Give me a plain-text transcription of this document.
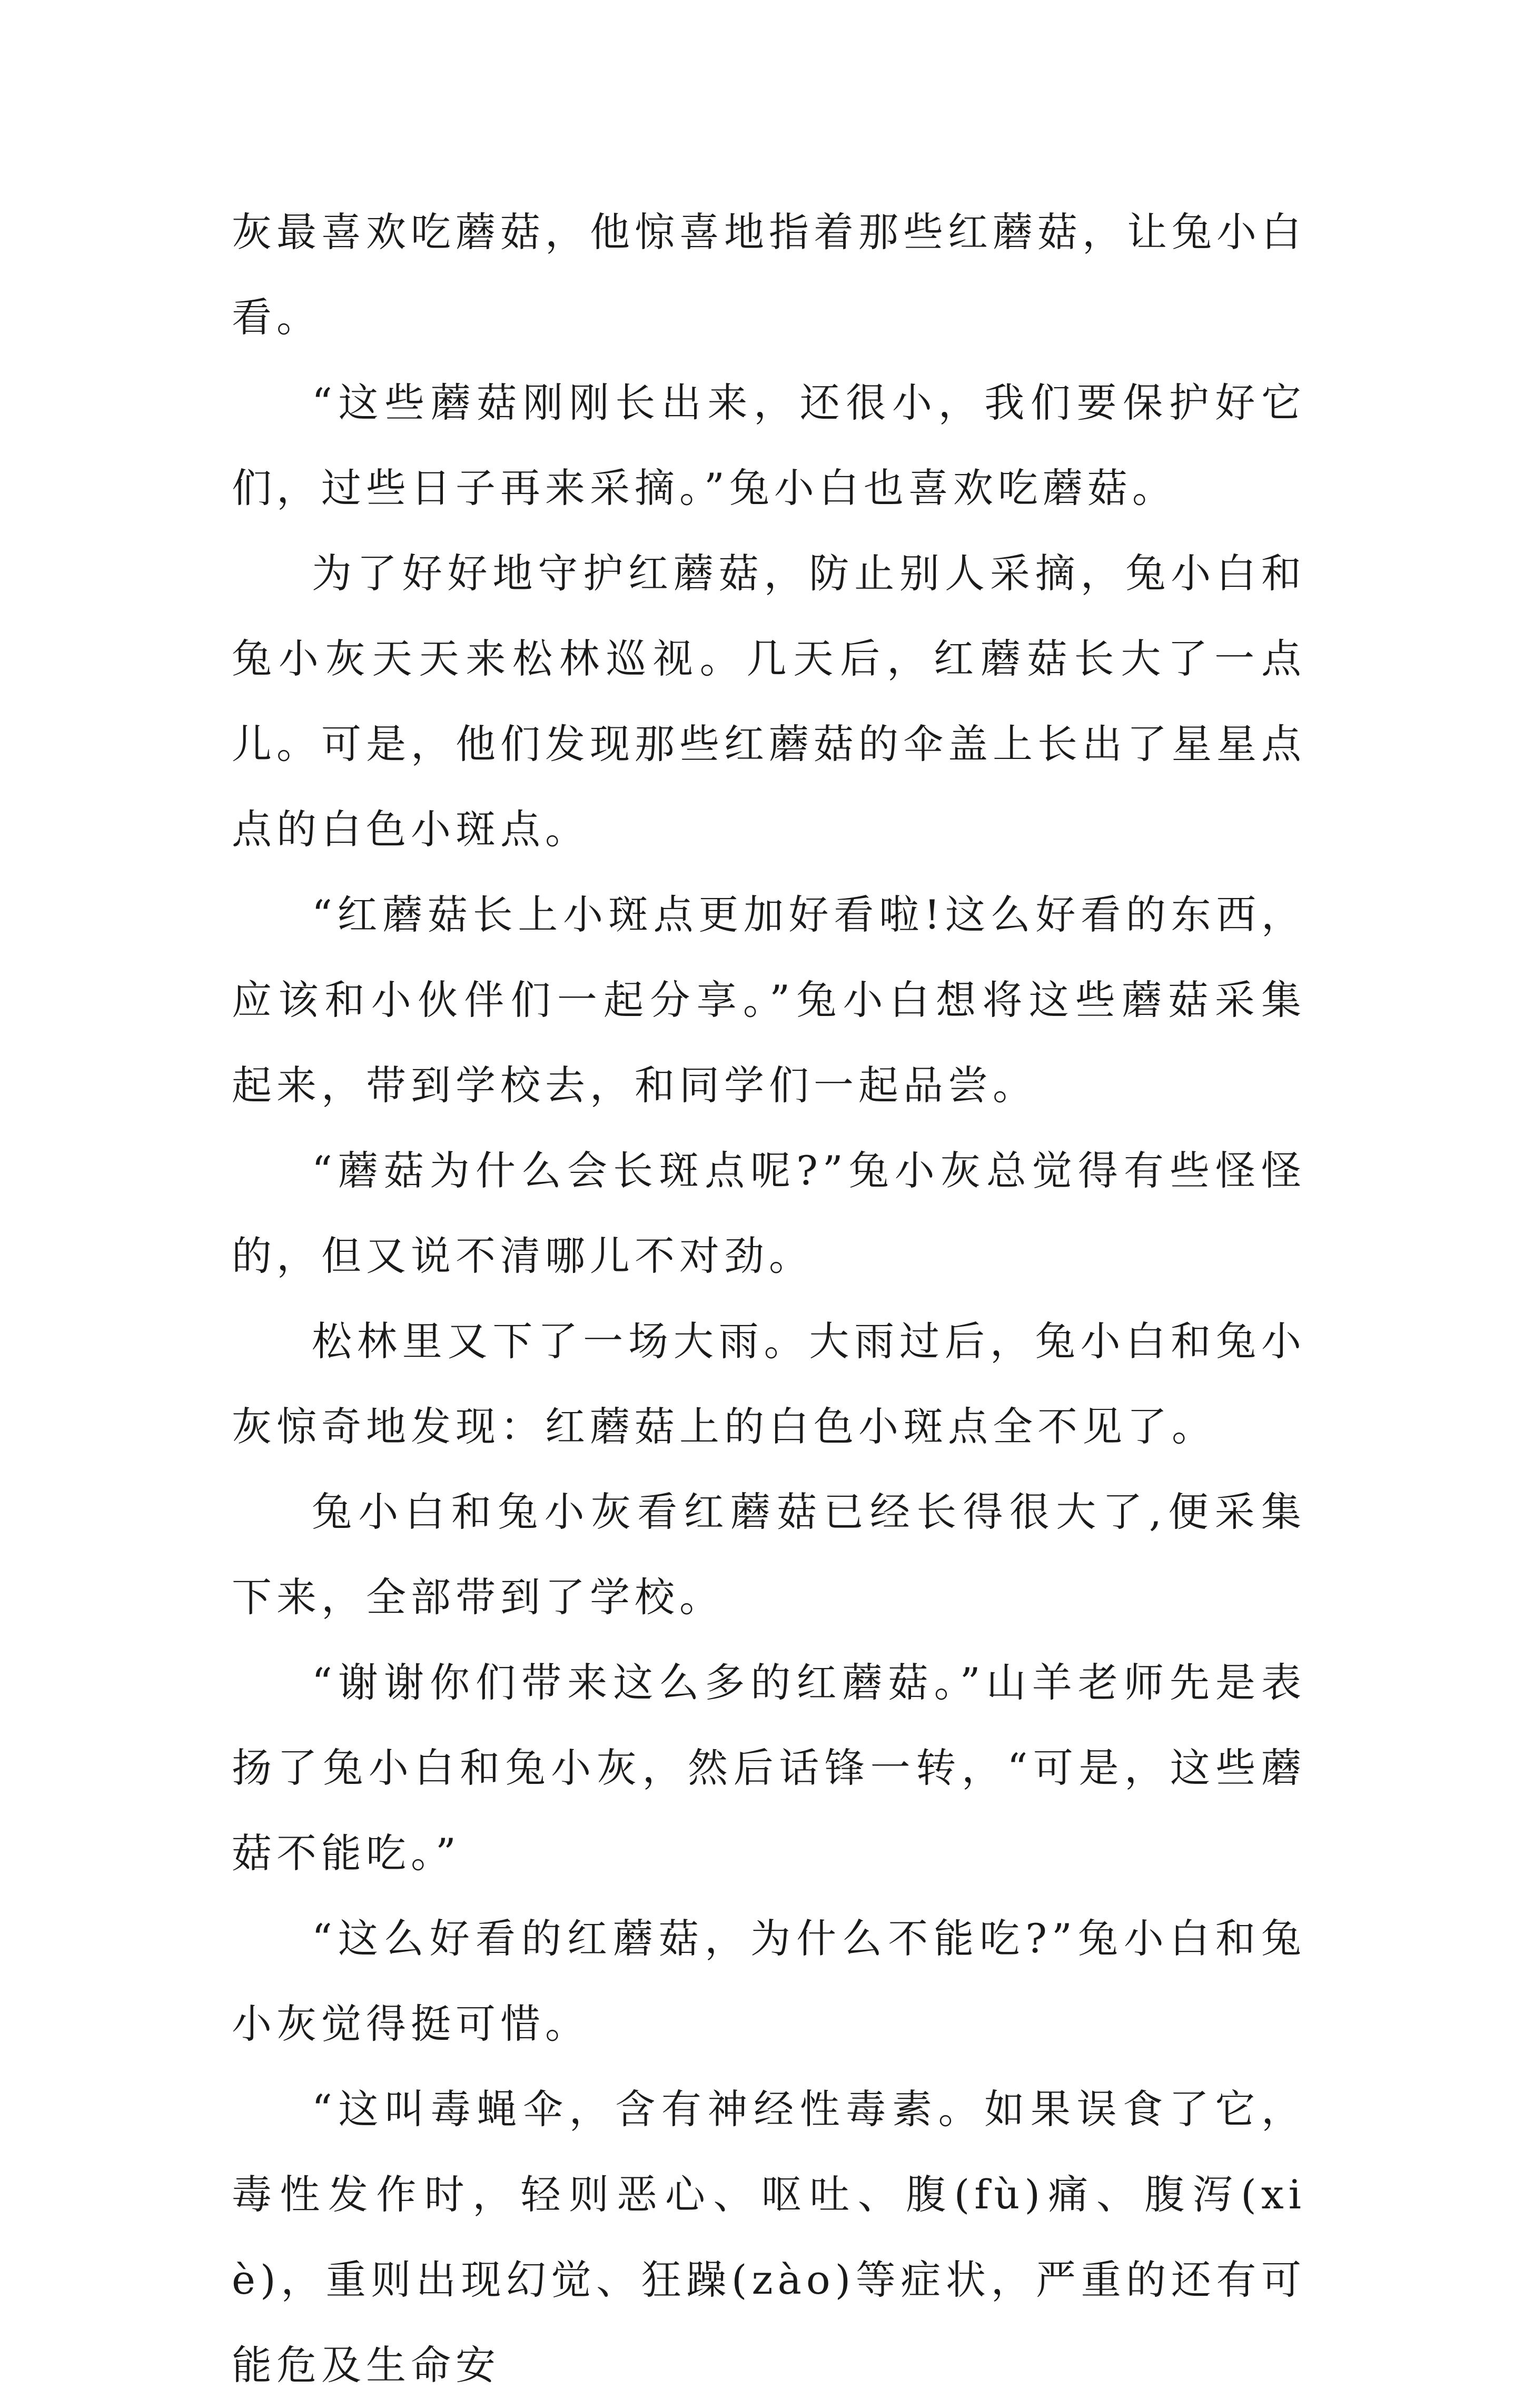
灰最喜欢吃蘑菇，他惊喜地指着那些红蘑菇，让兔小白看。

“这些蘑菇刚刚长出来，还很小，我们要保护好它们，过些日子再来采摘。”兔小白也喜欢吃蘑菇。

为了好好地守护红蘑菇，防止别人采摘，兔小白和兔小灰天天来松林巡视。几天后，红蘑菇长大了一点儿。可是，他们发现那些红蘑菇的伞盖上长出了星星点点的白色小斑点。

“红蘑菇长上小斑点更加好看啦!这么好看的东西，应该和小伙伴们一起分享。”兔小白想将这些蘑菇采集起来，带到学校去，和同学们一起品尝。

“蘑菇为什么会长斑点呢?”兔小灰总觉得有些怪怪的，但又说不清哪儿不对劲。

松林里又下了一场大雨。大雨过后，兔小白和兔小灰惊奇地发现：红蘑菇上的白色小斑点全不见了。

兔小白和兔小灰看红蘑菇已经长得很大了,便采集下来，全部带到了学校。

“谢谢你们带来这么多的红蘑菇。”山羊老师先是表扬了兔小白和兔小灰，然后话锋一转，“可是，这些蘑菇不能吃。”

“这么好看的红蘑菇，为什么不能吃?”兔小白和兔小灰觉得挺可惜。

“这叫毒蝇伞，含有神经性毒素。如果误食了它，毒性发作时，轻则恶心、呕吐、腹(fù)痛、腹泻(xiè)，重则出现幻觉、狂躁(zào)等症状，严重的还有可能危及生命安
